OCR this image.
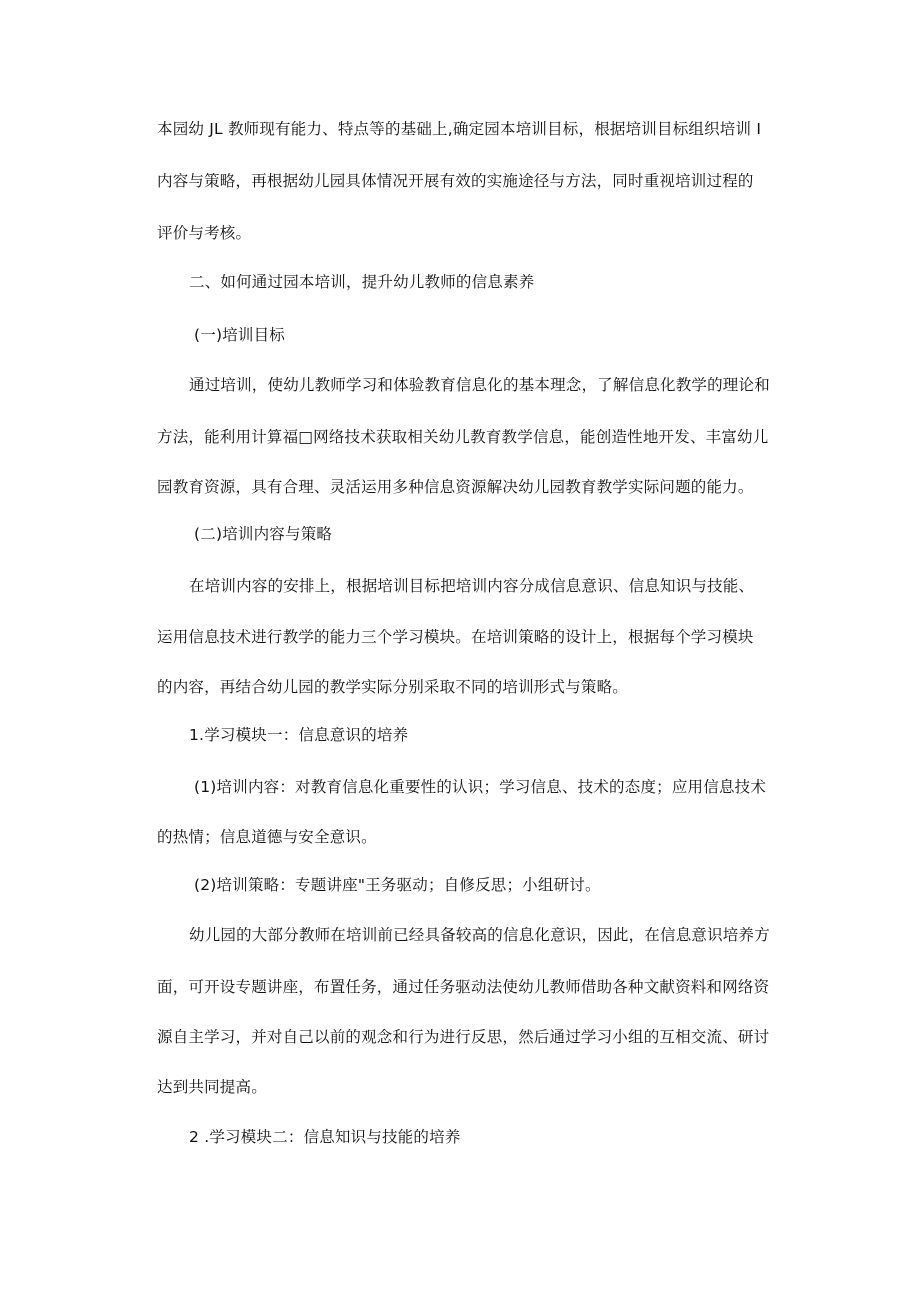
本园幼 JL 教师现有能力、特点等的基础上,确定园本培训目标，根据培训目标组织培训 I
内容与策略，再根据幼儿园具体情况开展有效的实施途径与方法，同时重视培训过程的
评价与考核。
二、如何通过园本培训，提升幼儿教师的信息素养
(一)培训目标
通过培训，使幼儿教师学习和体验教育信息化的基本理念，了解信息化教学的理论和
方法，能利用计算福□网络技术获取相关幼儿教育教学信息，能创造性地开发、丰富幼儿
园教育资源，具有合理、灵活运用多种信息资源解决幼儿园教育教学实际问题的能力。
(二)培训内容与策略
在培训内容的安排上，根据培训目标把培训内容分成信息意识、信息知识与技能、
运用信息技术进行教学的能力三个学习模块。在培训策略的设计上，根据每个学习模块
的内容，再结合幼儿园的教学实际分别采取不同的培训形式与策略。
1.学习模块一：信息意识的培养
(1)培训内容：对教育信息化重要性的认识；学习信息、技术的态度；应用信息技术
的热情；信息道德与安全意识。
(2)培训策略：专题讲座"王务驱动；自修反思；小组研讨。
幼儿园的大部分教师在培训前已经具备较高的信息化意识，因此，在信息意识培养方
面，可开设专题讲座，布置任务，通过任务驱动法使幼儿教师借助各种文献资料和网络资
源自主学习，并对自己以前的观念和行为进行反思，然后通过学习小组的互相交流、研讨
达到共同提高。
2 .学习模块二：信息知识与技能的培养
